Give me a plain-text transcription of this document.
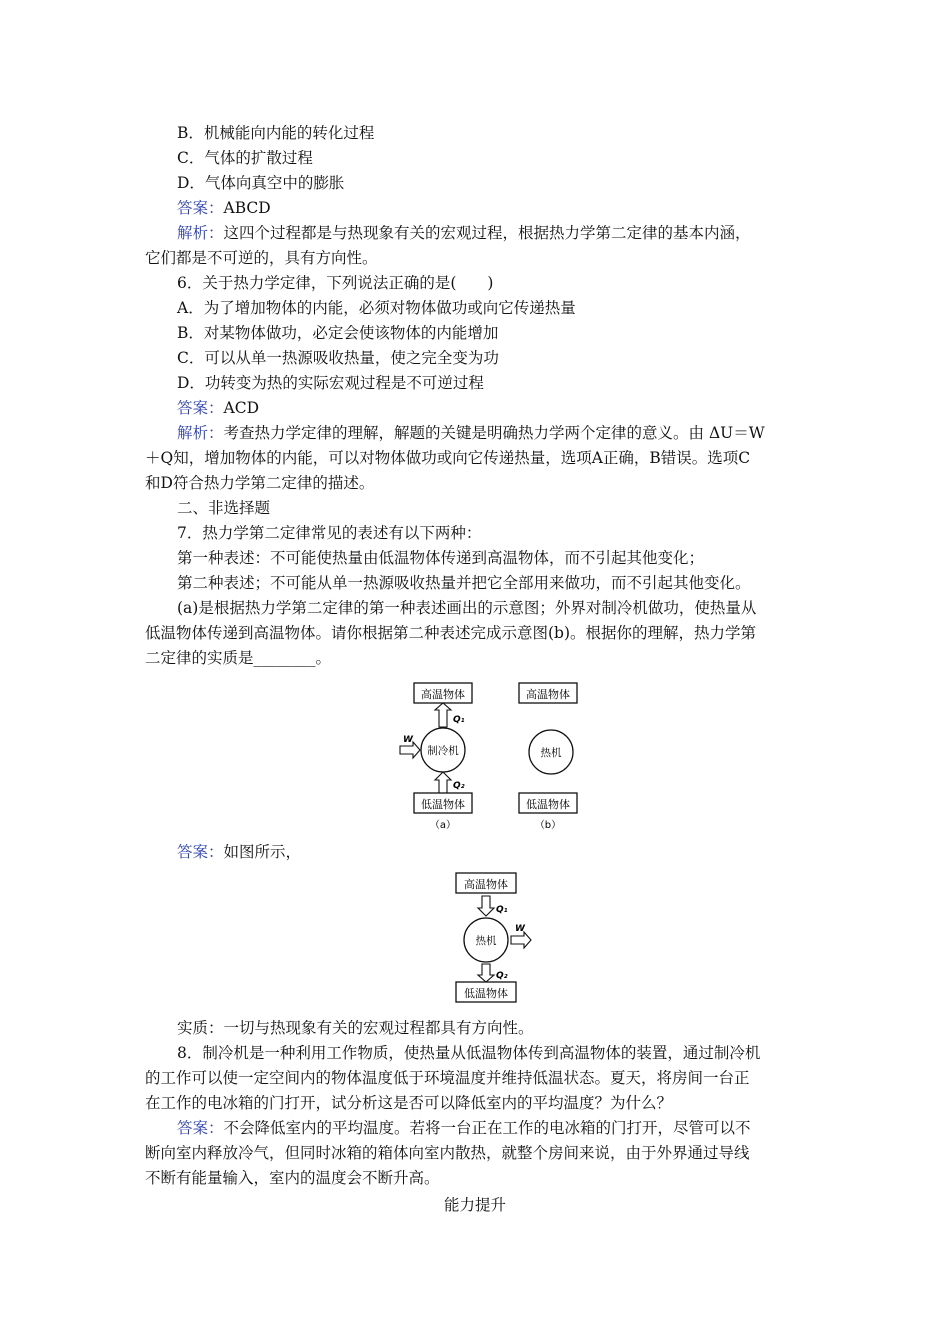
B．机械能向内能的转化过程
C．气体的扩散过程
D．气体向真空中的膨胀
答案：ABCD
解析：这四个过程都是与热现象有关的宏观过程，根据热力学第二定律的基本内涵，
它们都是不可逆的，具有方向性。
6．关于热力学定律，下列说法正确的是(　　)
A．为了增加物体的内能，必须对物体做功或向它传递热量
B．对某物体做功，必定会使该物体的内能增加
C．可以从单一热源吸收热量，使之完全变为功
D．功转变为热的实际宏观过程是不可逆过程
答案：ACD
解析：考查热力学定律的理解，解题的关键是明确热力学两个定律的意义。由 ΔU＝W
＋Q知，增加物体的内能，可以对物体做功或向它传递热量，选项A正确，B错误。选项C
和D符合热力学第二定律的描述。
二、非选择题
7．热力学第二定律常见的表述有以下两种：
第一种表述：不可能使热量由低温物体传递到高温物体，而不引起其他变化；
第二种表述；不可能从单一热源吸收热量并把它全部用来做功，而不引起其他变化。
(a)是根据热力学第二定律的第一种表述画出的示意图；外界对制冷机做功，使热量从
低温物体传递到高温物体。请你根据第二种表述完成示意图(b)。根据你的理解，热力学第
二定律的实质是________。
高温物体
Q₁
制冷机
W
Q₂
低温物体
（a）
高温物体
热机
低温物体
（b）
答案：如图所示，
高温物体
Q₁
热机
W
Q₂
低温物体
实质：一切与热现象有关的宏观过程都具有方向性。
8．制冷机是一种利用工作物质，使热量从低温物体传到高温物体的装置，通过制冷机
的工作可以使一定空间内的物体温度低于环境温度并维持低温状态。夏天，将房间一台正
在工作的电冰箱的门打开，试分析这是否可以降低室内的平均温度？为什么？
答案：不会降低室内的平均温度。若将一台正在工作的电冰箱的门打开，尽管可以不
断向室内释放冷气，但同时冰箱的箱体向室内散热，就整个房间来说，由于外界通过导线
不断有能量输入，室内的温度会不断升高。
能力提升
